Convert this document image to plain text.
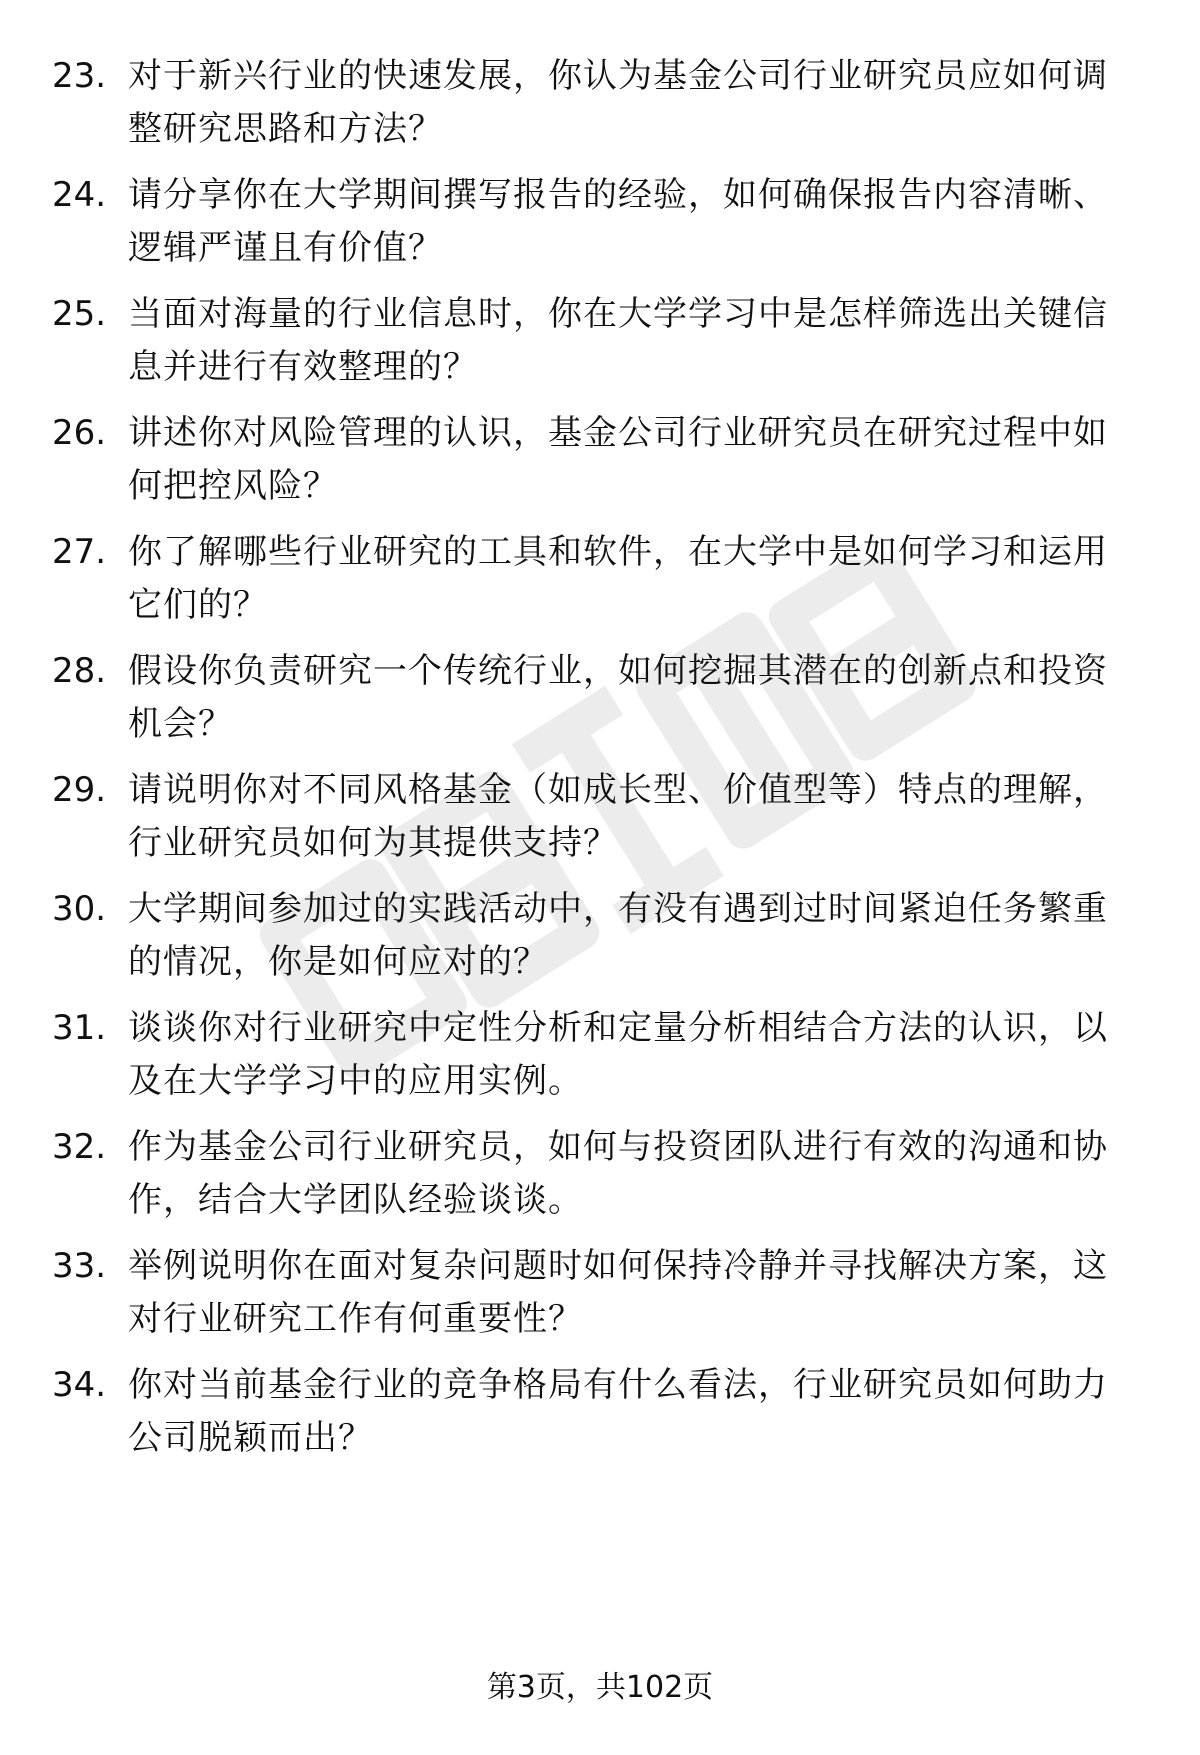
23. 对于新兴行业的快速发展，你认为基金公司行业研究员应如何调整研究思路和方法？
24. 请分享你在大学期间撰写报告的经验，如何确保报告内容清晰、逻辑严谨且有价值？
25. 当面对海量的行业信息时，你在大学学习中是怎样筛选出关键信息并进行有效整理的？
26. 讲述你对风险管理的认识，基金公司行业研究员在研究过程中如何把控风险？
27. 你了解哪些行业研究的工具和软件，在大学中是如何学习和运用它们的？
28. 假设你负责研究一个传统行业，如何挖掘其潜在的创新点和投资机会？
29. 请说明你对不同风格基金（如成长型、价值型等）特点的理解，行业研究员如何为其提供支持？
30. 大学期间参加过的实践活动中，有没有遇到过时间紧迫任务繁重的情况，你是如何应对的？
31. 谈谈你对行业研究中定性分析和定量分析相结合方法的认识，以及在大学学习中的应用实例。
32. 作为基金公司行业研究员，如何与投资团队进行有效的沟通和协作，结合大学团队经验谈谈。
33. 举例说明你在面对复杂问题时如何保持冷静并寻找解决方案，这对行业研究工作有何重要性？
34. 你对当前基金行业的竞争格局有什么看法，行业研究员如何助力公司脱颖而出？
第3页，共102页
